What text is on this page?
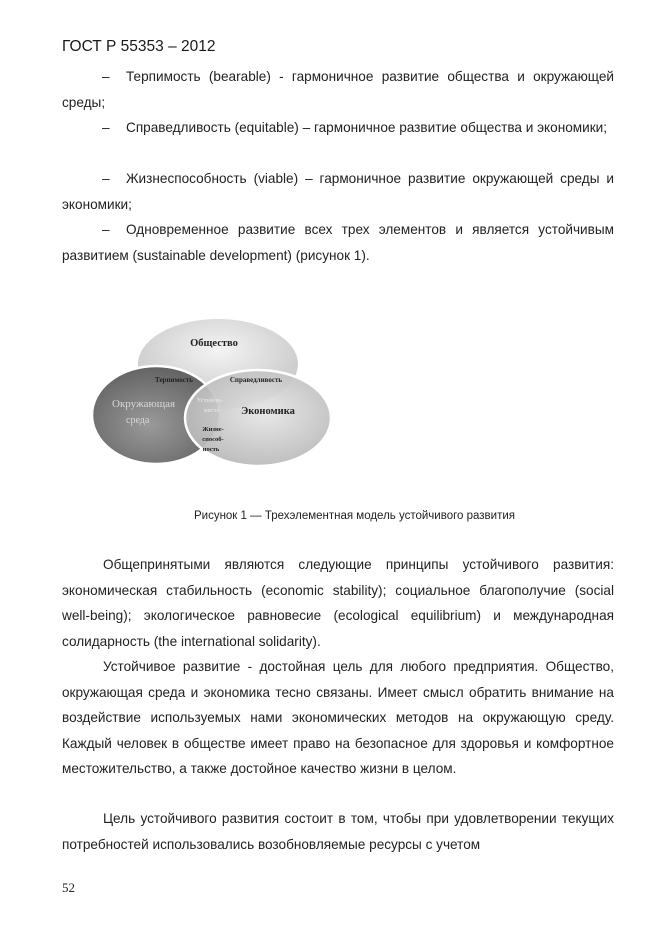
ГОСТ Р 55353 – 2012

– Терпимость (bearable) - гармоничное развитие общества и окружающей среды;

– Справедливость (equitable) – гармоничное развитие общества и экономики;

– Жизнеспособность (viable) – гармоничное развитие окружающей среды и экономики;

– Одновременное развитие всех трех элементов и является устойчивым развитием (sustainable development) (рисунок 1).

Общество
Терпимость	Справедливость
Окружающая
среда
Экономика
Устойчи-
вость
Жизне-
способ-
ность
Рисунок 1 — Трехэлементная модель устойчивого развития

Общепринятыми являются следующие принципы устойчивого развития: экономическая стабильность (economic stability); социальное благополучие (social well-being); экологическое равновесие (ecological equilibrium) и международная солидарность (the international solidarity).

Устойчивое развитие - достойная цель для любого предприятия. Общество, окружающая среда и экономика тесно связаны. Имеет смысл обратить внимание на воздействие используемых нами экономических методов на окружающую среду. Каждый человек в обществе имеет право на безопасное для здоровья и комфортное местожительство, а также достойное качество жизни в целом.

Цель устойчивого развития состоит в том, чтобы при удовлетворении текущих потребностей использовались возобновляемые ресурсы с учетом

52
